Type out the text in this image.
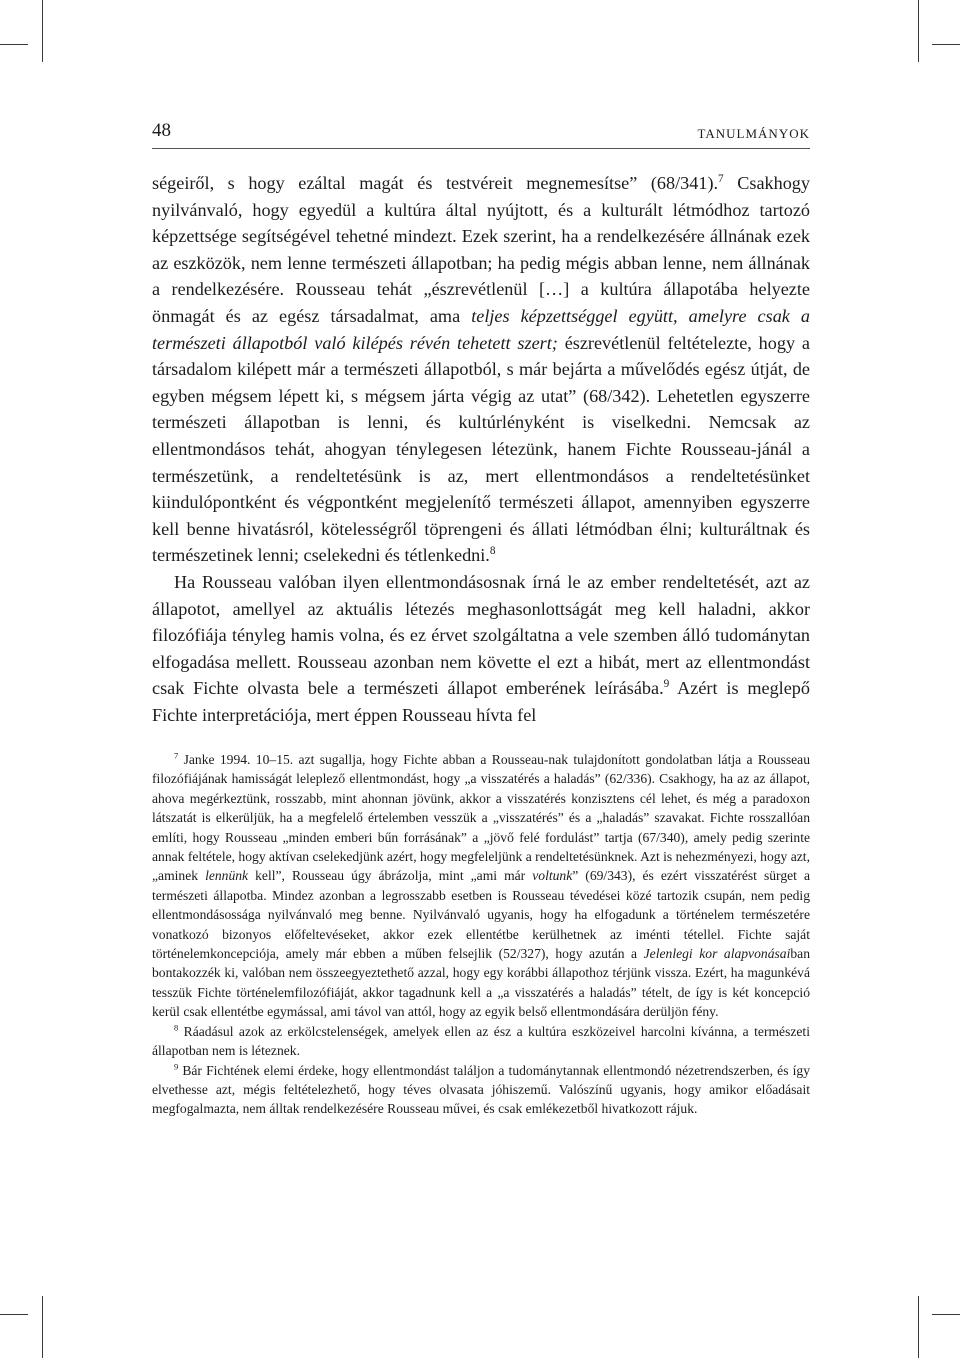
48	TANULMÁNYOK

ségeiről, s hogy ezáltal magát és testvéreit megnemesítse” (68/341).$^7$ Csakhogy nyilvánvaló, hogy egyedül a kultúra által nyújtott, és a kulturált létmódhoz tartozó képzettsége segítségével tehetné mindezt. Ezek szerint, ha a rendelkezésére állnának ezek az eszközök, nem lenne természeti állapotban; ha pedig mégis abban lenne, nem állnának a rendelkezésére. Rousseau tehát „észrevétlenül […] a kultúra állapotába helyezte önmagát és az egész társadalmat, ama teljes képzettséggel együtt, amelyre csak a természeti állapotból való kilépés révén tehetett szert; észrevétlenül feltételezte, hogy a társadalom kilépett már a természeti állapotból, s már bejárta a művelődés egész útját, de egyben mégsem lépett ki, s mégsem járta végig az utat” (68/342). Lehetetlen egyszerre természeti állapotban is lenni, és kultúrlényként is viselkedni. Nemcsak az ellentmondásos tehát, ahogyan ténylegesen létezünk, hanem Fichte Rousseau-jánál a természetünk, a rendeltetésünk is az, mert ellentmondásos a rendeltetésünket kiindulópontként és végpontként megjelenítő természeti állapot, amennyiben egyszerre kell benne hivatásról, kötelességről töprengeni és állati létmódban élni; kulturáltnak és természetinek lenni; cselekedni és tétlenkedni.$^8$

Ha Rousseau valóban ilyen ellentmondásosnak írná le az ember rendeltetését, azt az állapotot, amellyel az aktuális létezés meghasonlottságát meg kell haladni, akkor filozófiája tényleg hamis volna, és ez érvet szolgáltatna a vele szemben álló tudománytan elfogadása mellett. Rousseau azonban nem követte el ezt a hibát, mert az ellentmondást csak Fichte olvasta bele a természeti állapot emberének leírásába.$^9$ Azért is meglepő Fichte interpretációja, mert éppen Rousseau hívta fel

$^7$ Janke 1994. 10–15. azt sugallja, hogy Fichte abban a Rousseau-nak tulajdonított gondolatban látja a Rousseau filozófiájának hamisságát leleplező ellentmondást, hogy „a visszatérés a haladás” (62/336). Csakhogy, ha az az állapot, ahova megérkeztünk, rosszabb, mint ahonnan jövünk, akkor a visszatérés konzisztens cél lehet, és még a paradoxon látszatát is elkerüljük, ha a megfelelő értelemben vesszük a „visszatérés” és a „haladás” szavakat. Fichte rosszallóan említi, hogy Rousseau „minden emberi bűn forrásának” a „jövő felé fordulást” tartja (67/340), amely pedig szerinte annak feltétele, hogy aktívan cselekedjünk azért, hogy megfeleljünk a rendeltetésünknek. Azt is nehezményezi, hogy azt, „aminek lennünk kell”, Rousseau úgy ábrázolja, mint „ami már voltunk” (69/343), és ezért visszatérést sürget a természeti állapotba. Mindez azonban a legrosszabb esetben is Rousseau tévedései közé tartozik csupán, nem pedig ellentmondásossága nyilvánvaló meg benne. Nyilvánvaló ugyanis, hogy ha elfogadunk a történelem természetére vonatkozó bizonyos előfeltevéseket, akkor ezek ellentétbe kerülhetnek az iménti tétellel. Fichte saját történelemkoncepciója, amely már ebben a műben felsejlik (52/327), hogy azután a Jelenlegi kor alapvonásaiban bontakozzék ki, valóban nem összeegyeztethető azzal, hogy egy korábbi állapothoz térjünk vissza. Ezért, ha magunkévá tesszük Fichte történelemfilozófiáját, akkor tagadnunk kell a „a visszatérés a haladás” tételt, de így is két koncepció kerül csak ellentétbe egymással, ami távol van attól, hogy az egyik belső ellentmondására derüljön fény.

$^8$ Ráadásul azok az erkölcstelenségek, amelyek ellen az ész a kultúra eszközeivel harcolni kívánna, a természeti állapotban nem is léteznek.

$^9$ Bár Fichtének elemi érdeke, hogy ellentmondást találjon a tudománytannak ellentmondó nézetrendszerben, és így elvethesse azt, mégis feltételezhető, hogy téves olvasata jóhiszemű. Valószínű ugyanis, hogy amikor előadásait megfogalmazta, nem álltak rendelkezésére Rousseau művei, és csak emlékezetből hivatkozott rájuk.
